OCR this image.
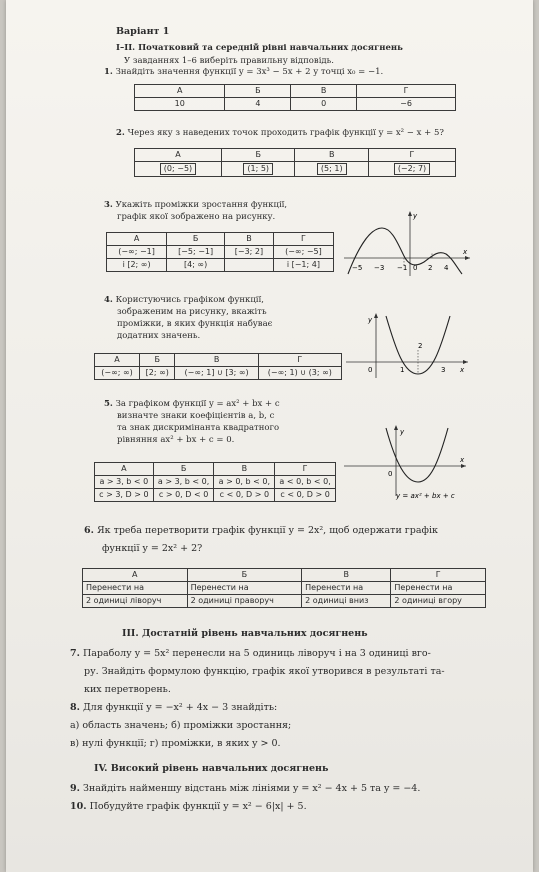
Варіант 1
І–ІІ. Початковий та середній рівні навчальних досягнень
У завданнях 1–6 виберіть правильну відповідь.
1. Знайдіть значення функції y = 3x³ − 5x + 2 у точці x₀ = −1.
А	Б	В	Г
10	4	0	−6
2. Через яку з наведених точок проходить графік функції y = x² − x + 5?
А	Б	В	Г
(0; −5)	(1; 5)	(5; 1)	(−2; 7)
3. Укажіть проміжки зростання функції,
графік якої зображено на рисунку.
А	Б	В	Г
(−∞; −1]	[−5; −1]	[−3; 2]	(−∞; −5]
і [2; ∞)	[4; ∞)		і [−1; 4]	−5 −3 −1 0 2 4
x
y
4. Користуючись графіком функції,
зображеним на рисунку, вкажіть
проміжки, в яких функція набуває
додатних значень.
А	Б	В	Г
(−∞; ∞)	[2; ∞)	(−∞; 1] ∪ [3; ∞)	(−∞; 1) ∪ (3; ∞)	0	1
2
3 x
y
5. За графіком функції y = ax² + bx + c
визначте знаки коефіцієнтів a, b, c
та знак дискримінанта квадратного
рівняння ax² + bx + c = 0.
А	Б	В	Г
a > 3, b < 0	a > 3, b < 0,	a > 0, b < 0,	a < 0, b < 0,
c > 3, D > 0	c > 0, D < 0	c < 0, D > 0	c < 0, D > 0
0
x
y
y = ax² + bx + c
6. Як треба перетворити графік функції y = 2x², щоб одержати графік
функції y = 2x² + 2?
А	Б	В	Г
Перенести на	Перенести на	Перенести на	Перенести на
2 одиниці ліворуч	2 одиниці праворуч	2 одиниці вниз	2 одиниці вгору
ІІІ. Достатній рівень навчальних досягнень
7. Параболу y = 5x² перенесли на 5 одиниць ліворуч і на 3 одиниці вго-
ру. Знайдіть формулою функцію, графік якої утворився в результаті та-
ких перетворень.
8. Для функції y = −x² + 4x − 3 знайдіть:
а) область значень; б) проміжки зростання;
в) нулі функції; г) проміжки, в яких y > 0.
IV. Високий рівень навчальних досягнень
9. Знайдіть найменшу відстань між лініями y = x² − 4x + 5 та y = −4.
10. Побудуйте графік функції y = x² − 6|x| + 5.
